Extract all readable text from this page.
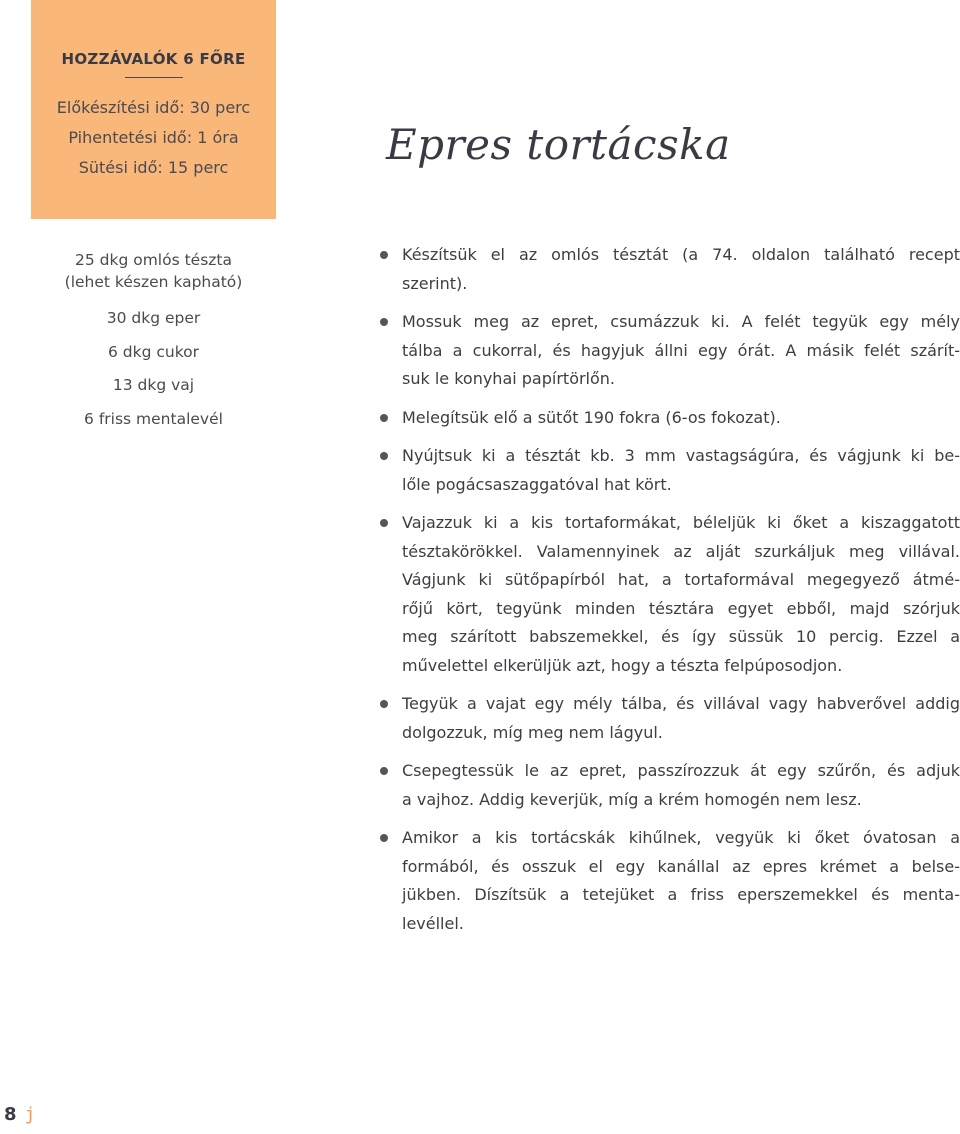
HOZZÁVALÓK 6 FŐRE
Előkészítési idő: 30 perc
Pihentetési idő: 1 óra
Sütési idő: 15 perc
25 dkg omlós tészta
(lehet készen kapható)
30 dkg eper
6 dkg cukor
13 dkg vaj
6 friss mentalevél
Epres tortácska
Készítsük el az omlós tésztát (a 74. oldalon található recept
szerint).
Mossuk meg az epret, csumázzuk ki. A felét tegyük egy mély
tálba a cukorral, és hagyjuk állni egy órát. A másik felét szárít-
suk le konyhai papírtörlőn.
Melegítsük elő a sütőt 190 fokra (6-os fokozat).
Nyújtsuk ki a tésztát kb. 3 mm vastagságúra, és vágjunk ki be-
lőle pogácsaszaggatóval hat kört.
Vajazzuk ki a kis tortaformákat, béleljük ki őket a kiszaggatott
tésztakörökkel. Valamennyinek az alját szurkáljuk meg villával.
Vágjunk ki sütőpapírból hat, a tortaformával megegyező átmé-
rőjű kört, tegyünk minden tésztára egyet ebből, majd szórjuk
meg szárított babszemekkel, és így süssük 10 percig. Ezzel a
művelettel elkerüljük azt, hogy a tészta felpúposodjon.
Tegyük a vajat egy mély tálba, és villával vagy habverővel addig
dolgozzuk, míg meg nem lágyul.
Csepegtessük le az epret, passzírozzuk át egy szűrőn, és adjuk
a vajhoz. Addig keverjük, míg a krém homogén nem lesz.
Amikor a kis tortácskák kihűlnek, vegyük ki őket óvatosan a
formából, és osszuk el egy kanállal az epres krémet a belse-
jükben. Díszítsük a tetejüket a friss eperszemekkel és menta-
levéllel.
8 j
